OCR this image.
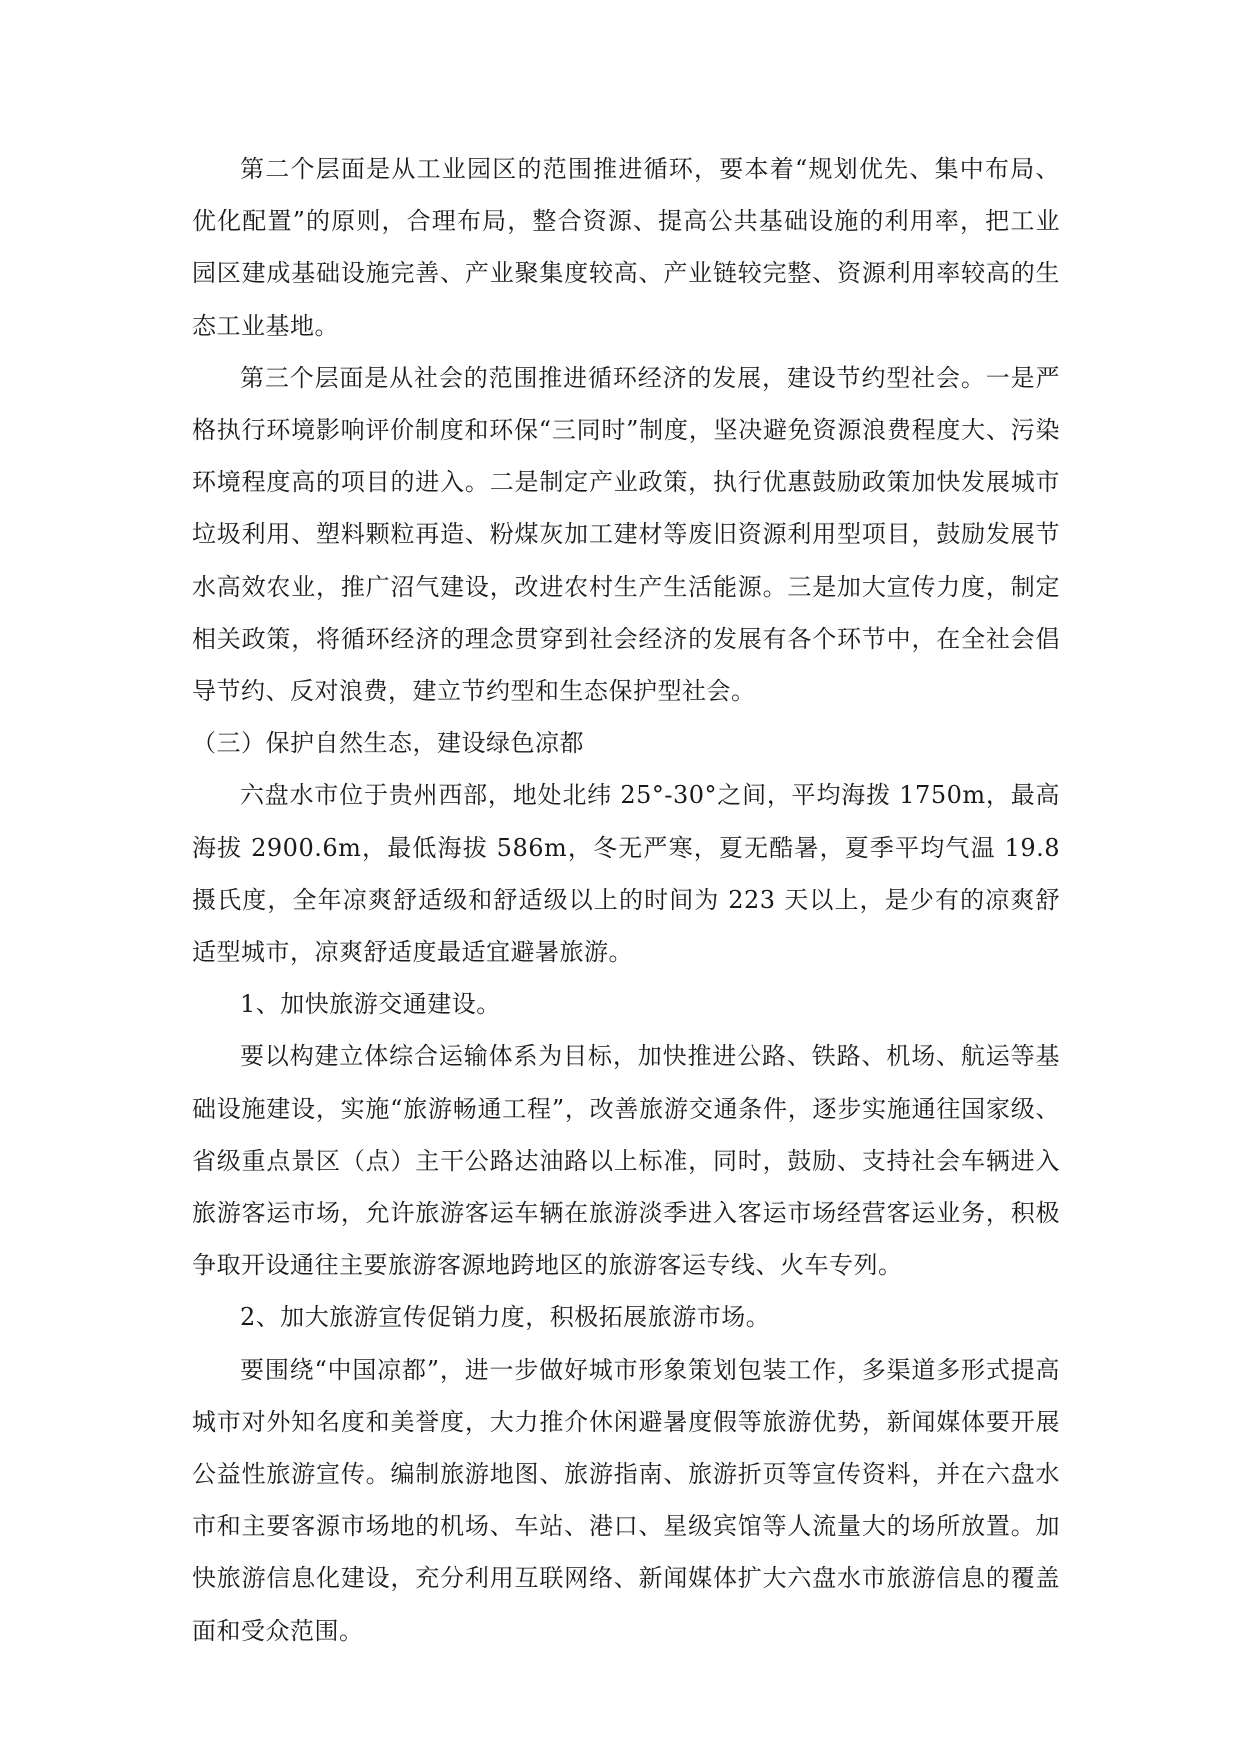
第二个层面是从工业园区的范围推进循环，要本着“规划优先、集中布局、优化配置”的原则，合理布局，整合资源、提高公共基础设施的利用率，把工业园区建成基础设施完善、产业聚集度较高、产业链较完整、资源利用率较高的生态工业基地。

第三个层面是从社会的范围推进循环经济的发展，建设节约型社会。一是严格执行环境影响评价制度和环保“三同时”制度，坚决避免资源浪费程度大、污染环境程度高的项目的进入。二是制定产业政策，执行优惠鼓励政策加快发展城市垃圾利用、塑料颗粒再造、粉煤灰加工建材等废旧资源利用型项目，鼓励发展节水高效农业，推广沼气建设，改进农村生产生活能源。三是加大宣传力度，制定相关政策，将循环经济的理念贯穿到社会经济的发展有各个环节中，在全社会倡导节约、反对浪费，建立节约型和生态保护型社会。

（三）保护自然生态，建设绿色凉都

六盘水市位于贵州西部，地处北纬 25°-30°之间，平均海拨 1750m，最高海拔 2900.6m，最低海拔 586m，冬无严寒，夏无酷暑，夏季平均气温 19.8 摄氏度，全年凉爽舒适级和舒适级以上的时间为 223 天以上，是少有的凉爽舒适型城市，凉爽舒适度最适宜避暑旅游。

1、加快旅游交通建设。

要以构建立体综合运输体系为目标，加快推进公路、铁路、机场、航运等基础设施建设，实施“旅游畅通工程”，改善旅游交通条件，逐步实施通往国家级、省级重点景区（点）主干公路达油路以上标准，同时，鼓励、支持社会车辆进入旅游客运市场，允许旅游客运车辆在旅游淡季进入客运市场经营客运业务，积极争取开设通往主要旅游客源地跨地区的旅游客运专线、火车专列。

2、加大旅游宣传促销力度，积极拓展旅游市场。

要围绕“中国凉都”，进一步做好城市形象策划包装工作，多渠道多形式提高城市对外知名度和美誉度，大力推介休闲避暑度假等旅游优势，新闻媒体要开展公益性旅游宣传。编制旅游地图、旅游指南、旅游折页等宣传资料，并在六盘水市和主要客源市场地的机场、车站、港口、星级宾馆等人流量大的场所放置。加快旅游信息化建设，充分利用互联网络、新闻媒体扩大六盘水市旅游信息的覆盖面和受众范围。
